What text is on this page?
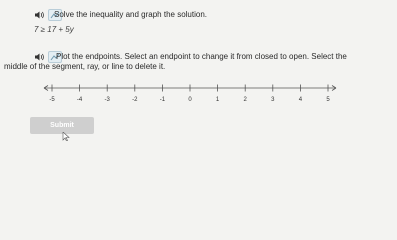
Solve the inequality and graph the solution.
7 ≥ 17 + 5y
Plot the endpoints. Select an endpoint to change it from closed to open. Select the
middle of the segment, ray, or line to delete it.
-5	-4	-3	-2	-1	0	1	2	3	4	5
Submit
